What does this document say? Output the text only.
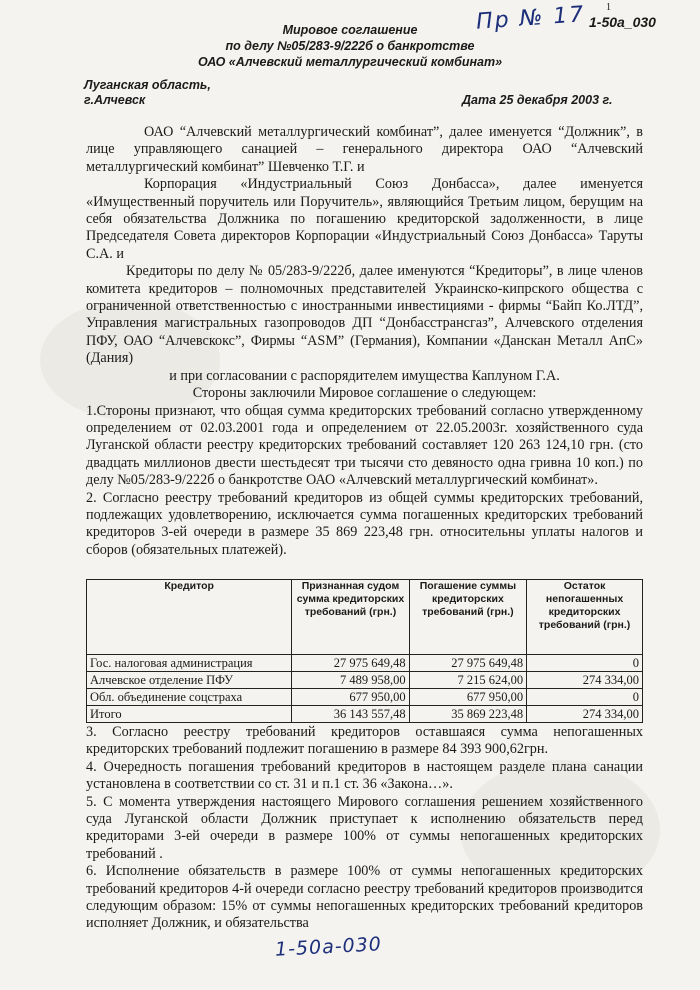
1
1-50a_030
Пр № 17
Мировое соглашение
по делу №05/283-9/222б о банкротстве
ОАО «Алчевский металлургический комбинат»
Луганская область,
г.Алчевск	Дата 25 декабря 2003 г.

ОАО “Алчевский металлургический комбинат”, далее именуется “Должник”, в лице управляющего санацией – генерального директора ОАО “Алчевский металлургический комбинат” Шевченко Т.Г. и

Корпорация «Индустриальный Союз Донбасса», далее именуется «Имущественный поручитель или Поручитель», являющийся Третьим лицом, берущим на себя обязательства Должника по погашению кредиторской задолженности, в лице Председателя Совета директоров Корпорации «Индустриальный Союз Донбасса» Таруты С.А. и

Кредиторы по делу № 05/283-9/222б, далее именуются “Кредиторы”, в лице членов комитета кредиторов – полномочных представителей Украинско-кипрского общества с ограниченной ответственностью с иностранными инвестициями - фирмы “Байп Ко.ЛТД”, Управления магистральных газопроводов ДП “Донбасстрансгаз”, Алчевского отделения ПФУ, ОАО “Алчевскокс”, Фирмы “ASM” (Германия), Компании «Данскан Металл АпС» (Дания)

и при согласовании с распорядителем имущества Каплуном Г.А.

Стороны заключили Мировое соглашение о следующем:

1.Стороны признают, что общая сумма кредиторских требований согласно утвержденному определением от 02.03.2001 года и определением от 22.05.2003г. хозяйственного суда Луганской области реестру кредиторских требований составляет 120 263 124,10 грн. (сто двадцать миллионов двести шестьдесят три тысячи сто девяносто одна гривна 10 коп.) по делу №05/283-9/222б о банкротстве ОАО «Алчевский металлургический комбинат».

2. Согласно реестру требований кредиторов из общей суммы кредиторских требований, подлежащих удовлетворению, исключается сумма погашенных кредиторских требований кредиторов 3-ей очереди в размере 35 869 223,48 грн. относительны уплаты налогов и сборов (обязательных платежей).

Кредитор	Признанная судом сумма кредиторских требований (грн.)	Погашение суммы кредиторских требований (грн.)	Остаток непогашенных кредиторских требований (грн.)
Гос. налоговая администрация	27 975 649,48	27 975 649,48	0
Алчевское отделение ПФУ	7 489 958,00	7 215 624,00	274 334,00
Обл. объединение соцстраха	677 950,00	677 950,00	0
Итого	36 143 557,48	35 869 223,48	274 334,00

3. Согласно реестру требований кредиторов оставшаяся сумма непогашенных кредиторских требований подлежит погашению в размере 84 393 900,62грн.

4. Очередность погашения требований кредиторов в настоящем разделе плана санации установлена в соответствии со ст. 31 и п.1 ст. 36 «Закона…».

5. С момента утверждения настоящего Мирового соглашения решением хозяйственного суда Луганской области Должник приступает к исполнению обязательств перед кредиторами 3-ей очереди в размере 100% от суммы непогашенных кредиторских требований .

6. Исполнение обязательств в размере 100% от суммы непогашенных кредиторских требований кредиторов 4-й очереди согласно реестру требований кредиторов производится следующим образом: 15% от суммы непогашенных кредиторских требований кредиторов исполняет Должник, и обязательства

1-50а-030
